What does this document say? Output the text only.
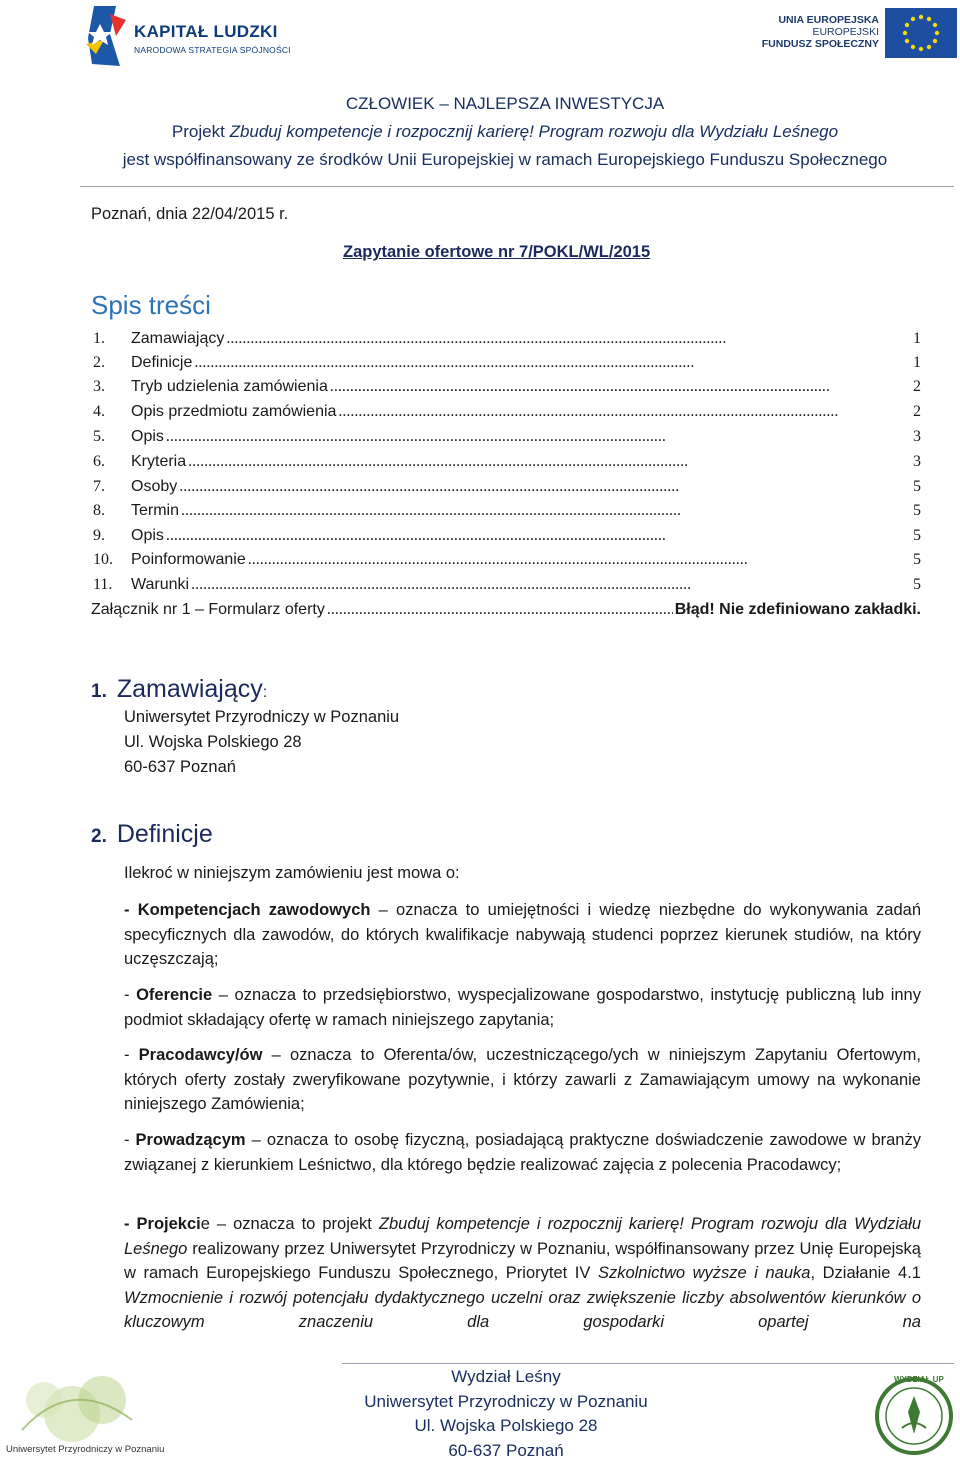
KAPITAŁ LUDZKI
NARODOWA STRATEGIA SPÓJNOŚCI
UNIA EUROPEJSKA
EUROPEJSKI
FUNDUSZ SPOŁECZNY
CZŁOWIEK – NAJLEPSZA INWESTYCJA
Projekt Zbuduj kompetencje i rozpocznij karierę! Program rozwoju dla Wydziału Leśnego
jest współfinansowany ze środków Unii Europejskiej w ramach Europejskiego Funduszu Społecznego
Poznań, dnia 22/04/2015 r.
Zapytanie ofertowe nr 7/POKL/WL/2015
Spis treści
1.	Zamawiający . . .	1
2.	Definicje . . .	1
3.	Tryb udzielenia zamówienia . . .	2
4.	Opis przedmiotu zamówienia . . .	2
5.	Opis . . .	3
6.	Kryteria . . .	3
7.	Osoby . . .	5
8.	Termin . . .	5
9.	Opis . . .	5
10.	Poinformowanie . . .	5
11.	Warunki . . .	5
Załącznik nr 1 – Formularz oferty . . .	Błąd! Nie zdefiniowano zakładki.
1. Zamawiający:
Uniwersytet Przyrodniczy w Poznaniu
Ul. Wojska Polskiego 28
60-637 Poznań
2. Definicje
Ilekroć w niniejszym zamówieniu jest mowa o:
- Kompetencjach zawodowych – oznacza to umiejętności i wiedzę niezbędne do wykonywania zadań specyficznych dla zawodów, do których kwalifikacje nabywają studenci poprzez kierunek studiów, na który uczęszczają;
- Oferencie – oznacza to przedsiębiorstwo, wyspecjalizowane gospodarstwo, instytucję publiczną lub inny podmiot składający ofertę w ramach niniejszego zapytania;
- Pracodawcy/ów – oznacza to Oferenta/ów, uczestniczącego/ych w niniejszym Zapytaniu Ofertowym, których oferty zostały zweryfikowane pozytywnie, i którzy zawarli z Zamawiającym umowy na wykonanie niniejszego Zamówienia;
- Prowadzącym – oznacza to osobę fizyczną, posiadającą praktyczne doświadczenie zawodowe w branży związanej z kierunkiem Leśnictwo, dla którego będzie realizować zajęcia z polecenia Pracodawcy;
- Projekcie – oznacza to projekt Zbuduj kompetencje i rozpocznij karierę! Program rozwoju dla Wydziału Leśnego realizowany przez Uniwersytet Przyrodniczy w Poznaniu, współfinansowany przez Unię Europejską w ramach Europejskiego Funduszu Społecznego, Priorytet IV Szkolnictwo wyższe i nauka, Działanie 4.1 Wzmocnienie i rozwój potencjału dydaktycznego uczelni oraz zwiększenie liczby absolwentów kierunków o kluczowym znaczeniu dla gospodarki opartej na
Uniwersytet Przyrodniczy w Poznaniu
Wydział Leśny
Uniwersytet Przyrodniczy w Poznaniu
Ul. Wojska Polskiego 28
60-637 Poznań
WYDZIAŁ UP
